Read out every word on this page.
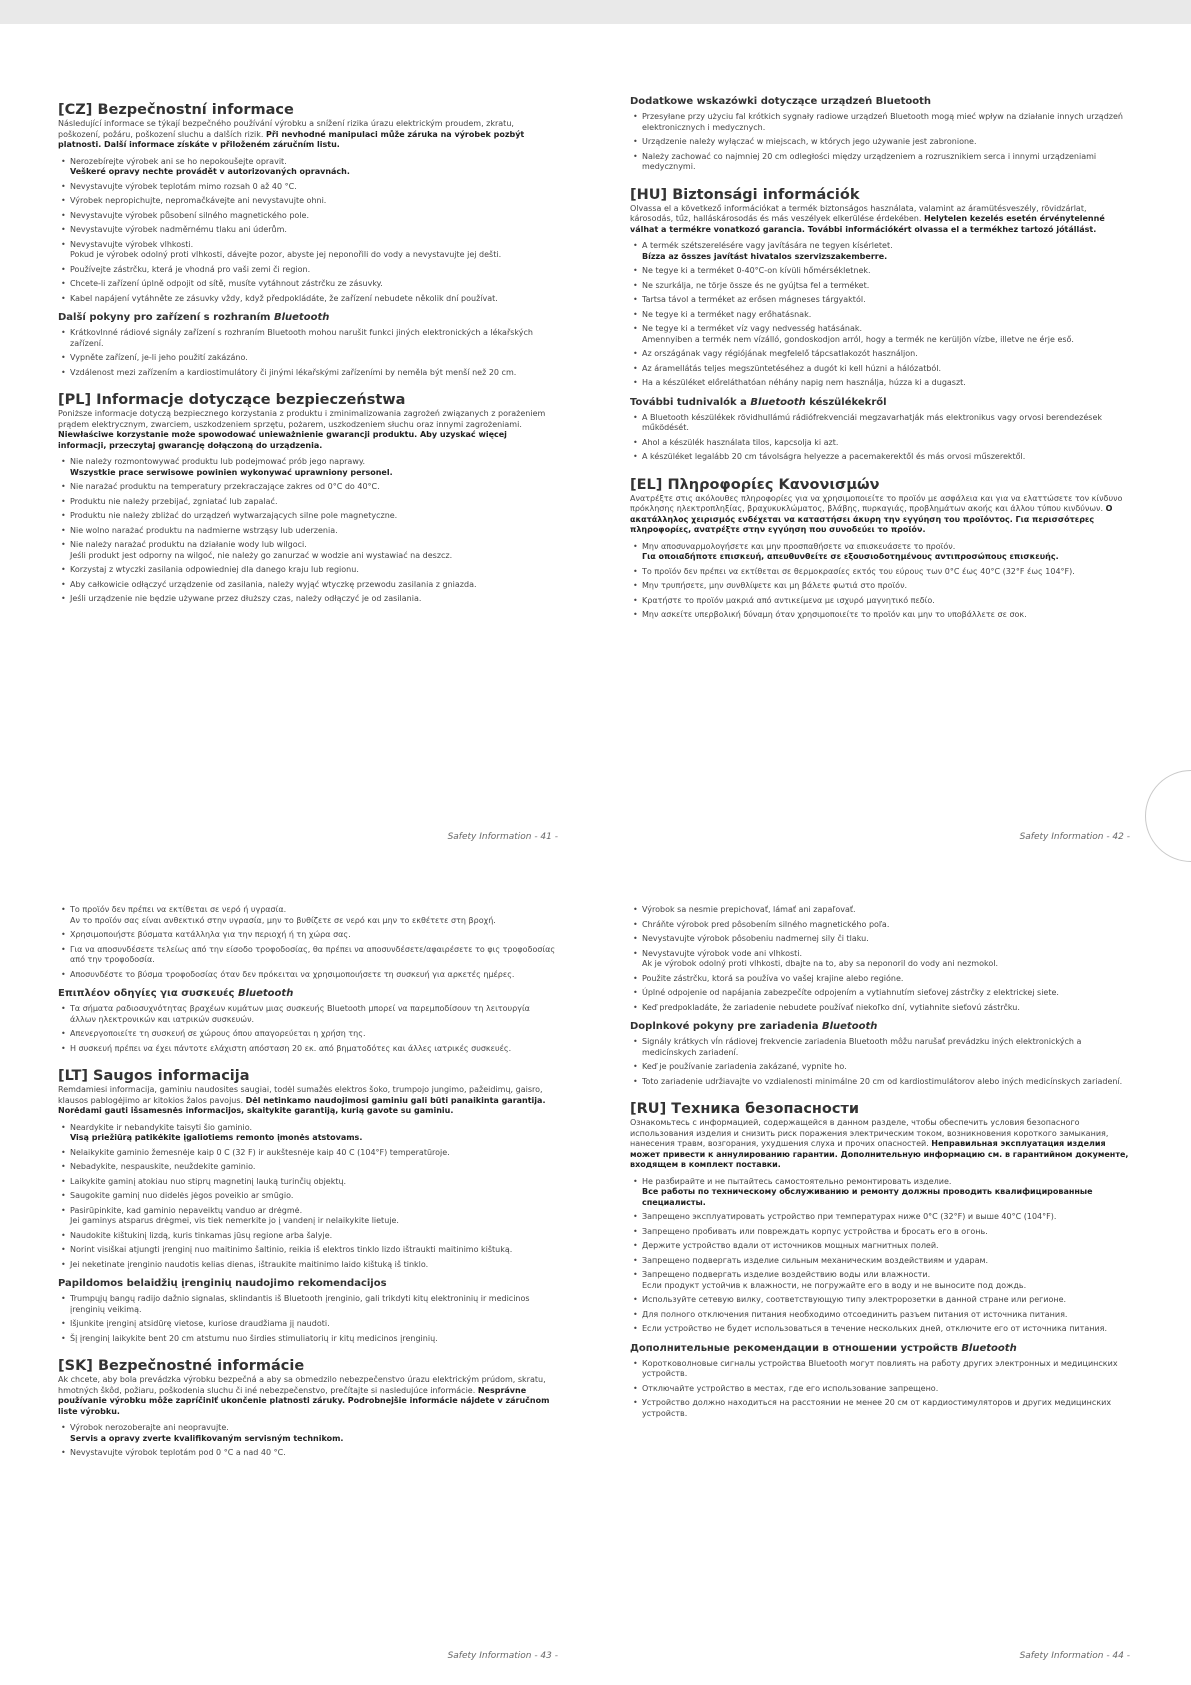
[CZ] Bezpečnostní informace

Následující informace se týkají bezpečného používání výrobku a snížení rizika úrazu elektrickým proudem, zkratu, poškození, požáru, poškození sluchu a dalších rizik. Při nevhodné manipulaci může záruka na výrobek pozbýt platnosti. Další informace získáte v přiloženém záručním listu.

• Nerozebírejte výrobek ani se ho nepokoušejte opravit.
Veškeré opravy nechte provádět v autorizovaných opravnách.
• Nevystavujte výrobek teplotám mimo rozsah 0 až 40 °C.
• Výrobek nepropichujte, nepromačkávejte ani nevystavujte ohni.
• Nevystavujte výrobek působení silného magnetického pole.
• Nevystavujte výrobek nadměrnému tlaku ani úderům.
• Nevystavujte výrobek vlhkosti.
Pokud je výrobek odolný proti vlhkosti, dávejte pozor, abyste jej neponořili do vody a nevystavujte jej dešti.
• Používejte zástrčku, která je vhodná pro vaši zemi či region.
• Chcete-li zařízení úplně odpojit od sítě, musíte vytáhnout zástrčku ze zásuvky.
• Kabel napájení vytáhněte ze zásuvky vždy, když předpokládáte, že zařízení nebudete několik dní používat.
Další pokyny pro zařízení s rozhraním Bluetooth
• Krátkovlnné rádiové signály zařízení s rozhraním Bluetooth mohou narušit funkci jiných elektronických a lékařských zařízení.
• Vypněte zařízení, je-li jeho použití zakázáno.
• Vzdálenost mezi zařízením a kardiostimulátory či jinými lékařskými zařízeními by neměla být menší než 20 cm.
[PL] Informacje dotyczące bezpieczeństwa

Poniższe informacje dotyczą bezpiecznego korzystania z produktu i zminimalizowania zagrożeń związanych z porażeniem prądem elektrycznym, zwarciem, uszkodzeniem sprzętu, pożarem, uszkodzeniem słuchu oraz innymi zagrożeniami. Niewłaściwe korzystanie może spowodować unieważnienie gwarancji produktu. Aby uzyskać więcej informacji, przeczytaj gwarancję dołączoną do urządzenia.

• Nie należy rozmontowywać produktu lub podejmować prób jego naprawy.
Wszystkie prace serwisowe powinien wykonywać uprawniony personel.
• Nie narażać produktu na temperatury przekraczające zakres od 0°C do 40°C.
• Produktu nie należy przebijać, zgniatać lub zapalać.
• Produktu nie należy zbliżać do urządzeń wytwarzających silne pole magnetyczne.
• Nie wolno narażać produktu na nadmierne wstrząsy lub uderzenia.
• Nie należy narażać produktu na działanie wody lub wilgoci.
Jeśli produkt jest odporny na wilgoć, nie należy go zanurzać w wodzie ani wystawiać na deszcz.
• Korzystaj z wtyczki zasilania odpowiedniej dla danego kraju lub regionu.
• Aby całkowicie odłączyć urządzenie od zasilania, należy wyjąć wtyczkę przewodu zasilania z gniazda.
• Jeśli urządzenie nie będzie używane przez dłuższy czas, należy odłączyć je od zasilania.
Dodatkowe wskazówki dotyczące urządzeń Bluetooth
• Przesyłane przy użyciu fal krótkich sygnały radiowe urządzeń Bluetooth mogą mieć wpływ na działanie innych urządzeń elektronicznych i medycznych.
• Urządzenie należy wyłączać w miejscach, w których jego używanie jest zabronione.
• Należy zachować co najmniej 20 cm odległości między urządzeniem a rozrusznikiem serca i innymi urządzeniami medycznymi.
[HU] Biztonsági információk

Olvassa el a következő információkat a termék biztonságos használata, valamint az áramütésveszély, rövidzárlat, károsodás, tűz, halláskárosodás és más veszélyek elkerülése érdekében. Helytelen kezelés esetén érvénytelenné válhat a termékre vonatkozó garancia. További információkért olvassa el a termékhez tartozó jótállást.

• A termék szétszerelésére vagy javítására ne tegyen kísérletet.
Bízza az összes javítást hivatalos szervizszakemberre.
• Ne tegye ki a terméket 0-40°C-on kívüli hőmérsékletnek.
• Ne szurkálja, ne törje össze és ne gyújtsa fel a terméket.
• Tartsa távol a terméket az erősen mágneses tárgyaktól.
• Ne tegye ki a terméket nagy erőhatásnak.
• Ne tegye ki a terméket víz vagy nedvesség hatásának.
Amennyiben a termék nem vízálló, gondoskodjon arról, hogy a termék ne kerüljön vízbe, illetve ne érje eső.
• Az országának vagy régiójának megfelelő tápcsatlakozót használjon.
• Az áramellátás teljes megszüntetéséhez a dugót ki kell húzni a hálózatból.
• Ha a készüléket előreláthatóan néhány napig nem használja, húzza ki a dugaszt.
További tudnivalók a Bluetooth készülékekről
• A Bluetooth készülékek rövidhullámú rádiófrekvenciái megzavarhatják más elektronikus vagy orvosi berendezések működését.
• Ahol a készülék használata tilos, kapcsolja ki azt.
• A készüléket legalább 20 cm távolságra helyezze a pacemakerektől és más orvosi műszerektől.
[EL] Πληροφορίες Κανονισμών

Ανατρέξτε στις ακόλουθες πληροφορίες για να χρησιμοποιείτε το προϊόν με ασφάλεια και για να ελαττώσετε τον κίνδυνο πρόκλησης ηλεκτροπληξίας, βραχυκυκλώματος, βλάβης, πυρκαγιάς, προβλημάτων ακοής και άλλου τύπου κινδύνων. Ο ακατάλληλος χειρισμός ενδέχεται να καταστήσει άκυρη την εγγύηση του προϊόντος. Για περισσότερες πληροφορίες, ανατρέξτε στην εγγύηση που συνοδεύει το προϊόν.

• Μην αποσυναρμολογήσετε και μην προσπαθήσετε να επισκευάσετε το προϊόν.
Για οποιαδήποτε επισκευή, απευθυνθείτε σε εξουσιοδοτημένους αντιπροσώπους επισκευής.
• Το προϊόν δεν πρέπει να εκτίθεται σε θερμοκρασίες εκτός του εύρους των 0°C έως 40°C (32°F έως 104°F).
• Μην τρυπήσετε, μην συνθλίψετε και μη βάλετε φωτιά στο προϊόν.
• Κρατήστε το προϊόν μακριά από αντικείμενα με ισχυρό μαγνητικό πεδίο.
• Μην ασκείτε υπερβολική δύναμη όταν χρησιμοποιείτε το προϊόν και μην το υποβάλλετε σε σοκ.
• Το προϊόν δεν πρέπει να εκτίθεται σε νερό ή υγρασία.
Αν το προϊόν σας είναι ανθεκτικό στην υγρασία, μην το βυθίζετε σε νερό και μην το εκθέτετε στη βροχή.
• Χρησιμοποιήστε βύσματα κατάλληλα για την περιοχή ή τη χώρα σας.
• Για να αποσυνδέσετε τελείως από την είσοδο τροφοδοσίας, θα πρέπει να αποσυνδέσετε/αφαιρέσετε το φις τροφοδοσίας από την τροφοδοσία.
• Αποσυνδέστε το βύσμα τροφοδοσίας όταν δεν πρόκειται να χρησιμοποιήσετε τη συσκευή για αρκετές ημέρες.
Επιπλέον οδηγίες για συσκευές Bluetooth
• Τα σήματα ραδιοσυχνότητας βραχέων κυμάτων μιας συσκευής Bluetooth μπορεί να παρεμποδίσουν τη λειτουργία άλλων ηλεκτρονικών και ιατρικών συσκευών.
• Απενεργοποιείτε τη συσκευή σε χώρους όπου απαγορεύεται η χρήση της.
• Η συσκευή πρέπει να έχει πάντοτε ελάχιστη απόσταση 20 εκ. από βηματοδότες και άλλες ιατρικές συσκευές.
[LT] Saugos informacija

Remdamiesi informacija, gaminiu naudosites saugiai, todėl sumažės elektros šoko, trumpojo jungimo, pažeidimų, gaisro, klausos pablogėjimo ar kitokios žalos pavojus. Dėl netinkamo naudojimosi gaminiu gali būti panaikinta garantija. Norėdami gauti išsamesnės informacijos, skaitykite garantiją, kurią gavote su gaminiu.

• Neardykite ir nebandykite taisyti šio gaminio.
Visą priežiūrą patikėkite įgaliotiems remonto įmonės atstovams.
• Nelaikykite gaminio žemesnėje kaip 0 C (32 F) ir aukštesnėje kaip 40 C (104°F) temperatūroje.
• Nebadykite, nespauskite, neuždekite gaminio.
• Laikykite gaminį atokiau nuo stiprų magnetinį lauką turinčių objektų.
• Saugokite gaminį nuo didelės jėgos poveikio ar smūgio.
• Pasirūpinkite, kad gaminio nepaveiktų vanduo ar drėgmė.
Jei gaminys atsparus drėgmei, vis tiek nemerkite jo į vandenį ir nelaikykite lietuje.
• Naudokite kištukinį lizdą, kuris tinkamas jūsų regione arba šalyje.
• Norint visiškai atjungti įrenginį nuo maitinimo šaltinio, reikia iš elektros tinklo lizdo ištraukti maitinimo kištuką.
• Jei neketinate įrenginio naudotis kelias dienas, ištraukite maitinimo laido kištuką iš tinklo.
Papildomos belaidžių įrenginių naudojimo rekomendacijos
• Trumpųjų bangų radijo dažnio signalas, sklindantis iš Bluetooth įrenginio, gali trikdyti kitų elektroninių ir medicinos įrenginių veikimą.
• Išjunkite įrenginį atsidūrę vietose, kuriose draudžiama jį naudoti.
• Šį įrenginį laikykite bent 20 cm atstumu nuo širdies stimuliatorių ir kitų medicinos įrenginių.
[SK] Bezpečnostné informácie

Ak chcete, aby bola prevádzka výrobku bezpečná a aby sa obmedzilo nebezpečenstvo úrazu elektrickým prúdom, skratu, hmotných škôd, požiaru, poškodenia sluchu či iné nebezpečenstvo, prečítajte si nasledujúce informácie. Nesprávne používanie výrobku môže zapríčiniť ukončenie platnosti záruky. Podrobnejšie informácie nájdete v záručnom liste výrobku.

• Výrobok nerozoberajte ani neopravujte.
Servis a opravy zverte kvalifikovaným servisným technikom.
• Nevystavujte výrobok teplotám pod 0 °C a nad 40 °C.
• Výrobok sa nesmie prepichovať, lámať ani zapaľovať.
• Chráňte výrobok pred pôsobením silného magnetického poľa.
• Nevystavujte výrobok pôsobeniu nadmernej sily či tlaku.
• Nevystavujte výrobok vode ani vlhkosti.
Ak je výrobok odolný proti vlhkosti, dbajte na to, aby sa neponoril do vody ani nezmokol.
• Použite zástrčku, ktorá sa používa vo vašej krajine alebo regióne.
• Úplné odpojenie od napájania zabezpečíte odpojením a vytiahnutím sieťovej zástrčky z elektrickej siete.
• Keď predpokladáte, že zariadenie nebudete používať niekoľko dní, vytiahnite sieťovú zástrčku.
Doplnkové pokyny pre zariadenia Bluetooth
• Signály krátkych vĺn rádiovej frekvencie zariadenia Bluetooth môžu narušať prevádzku iných elektronických a medicínskych zariadení.
• Keď je používanie zariadenia zakázané, vypnite ho.
• Toto zariadenie udržiavajte vo vzdialenosti minimálne 20 cm od kardiostimulátorov alebo iných medicínskych zariadení.
[RU] Техника безопасности

Ознакомьтесь с информацией, содержащейся в данном разделе, чтобы обеспечить условия безопасного использования изделия и снизить риск поражения электрическим током, возникновения короткого замыкания, нанесения травм, возгорания, ухудшения слуха и прочих опасностей. Неправильная эксплуатация изделия может привести к аннулированию гарантии. Дополнительную информацию см. в гарантийном документе, входящем в комплект поставки.

• Не разбирайте и не пытайтесь самостоятельно ремонтировать изделие.
Все работы по техническому обслуживанию и ремонту должны проводить квалифицированные специалисты.
• Запрещено эксплуатировать устройство при температурах ниже 0°C (32°F) и выше 40°C (104°F).
• Запрещено пробивать или повреждать корпус устройства и бросать его в огонь.
• Держите устройство вдали от источников мощных магнитных полей.
• Запрещено подвергать изделие сильным механическим воздействиям и ударам.
• Запрещено подвергать изделие воздействию воды или влажности.
Если продукт устойчив к влажности, не погружайте его в воду и не выносите под дождь.
• Используйте сетевую вилку, соответствующую типу электророзетки в данной стране или регионе.
• Для полного отключения питания необходимо отсоединить разъем питания от источника питания.
• Если устройство не будет использоваться в течение нескольких дней, отключите его от источника питания.
Дополнительные рекомендации в отношении устройств Bluetooth
• Коротковолновые сигналы устройства Bluetooth могут повлиять на работу других электронных и медицинских устройств.
• Отключайте устройство в местах, где его использование запрещено.
• Устройство должно находиться на расстоянии не менее 20 см от кардиостимуляторов и других медицинских устройств.
Safety Information - 41 -	Safety Information - 42 -
Safety Information - 43 -	Safety Information - 44 -
